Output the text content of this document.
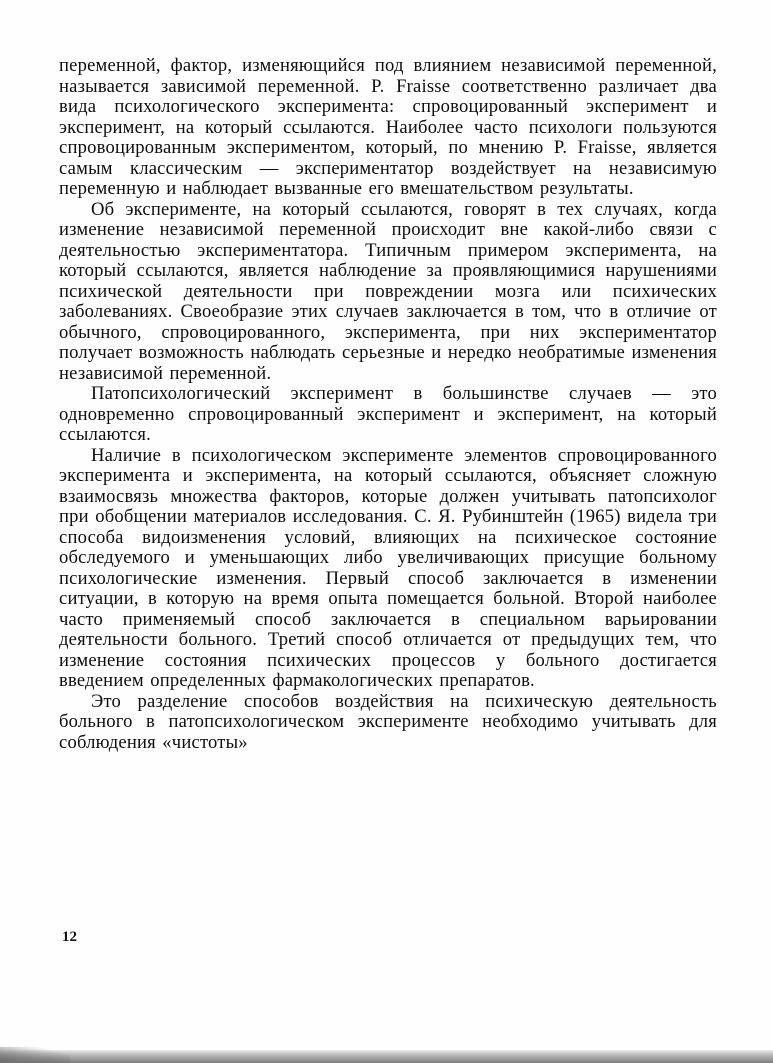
переменной, фактор, изменяющийся под влиянием независимой переменной, называется зависимой переменной. P. Fraisse соответственно различает два вида психологического эксперимента: спровоцированный эксперимент и эксперимент, на который ссылаются. Наиболее часто психологи пользуются спровоцированным экспериментом, который, по мнению P. Fraisse, является самым классическим — экспериментатор воздействует на независимую переменную и наблюдает вызванные его вмешательством результаты.

Об эксперименте, на который ссылаются, говорят в тех случаях, когда изменение независимой переменной происходит вне какой-либо связи с деятельностью экспериментатора. Типичным примером эксперимента, на который ссылаются, является наблюдение за проявляющимися нарушениями психической деятельности при повреждении мозга или психических заболеваниях. Своеобразие этих случаев заключается в том, что в отличие от обычного, спровоцированного, эксперимента, при них экспериментатор получает возможность наблюдать серьезные и нередко необратимые изменения независимой переменной.

Патопсихологический эксперимент в большинстве случаев — это одновременно спровоцированный эксперимент и эксперимент, на который ссылаются.

Наличие в психологическом эксперименте элементов спровоцированного эксперимента и эксперимента, на который ссылаются, объясняет сложную взаимосвязь множества факторов, которые должен учитывать патопсихолог при обобщении материалов исследования. С. Я. Рубинштейн (1965) видела три способа видоизменения условий, влияющих на психическое состояние обследуемого и уменьшающих либо увеличивающих присущие больному психологические изменения. Первый способ заключается в изменении ситуации, в которую на время опыта помещается больной. Второй наиболее часто применяемый способ заключается в специальном варьировании деятельности больного. Третий способ отличается от предыдущих тем, что изменение состояния психических процессов у больного достигается введением определенных фармакологических препаратов.

Это разделение способов воздействия на психическую деятельность больного в патопсихологическом эксперименте необходимо учитывать для соблюдения «чистоты»

12
